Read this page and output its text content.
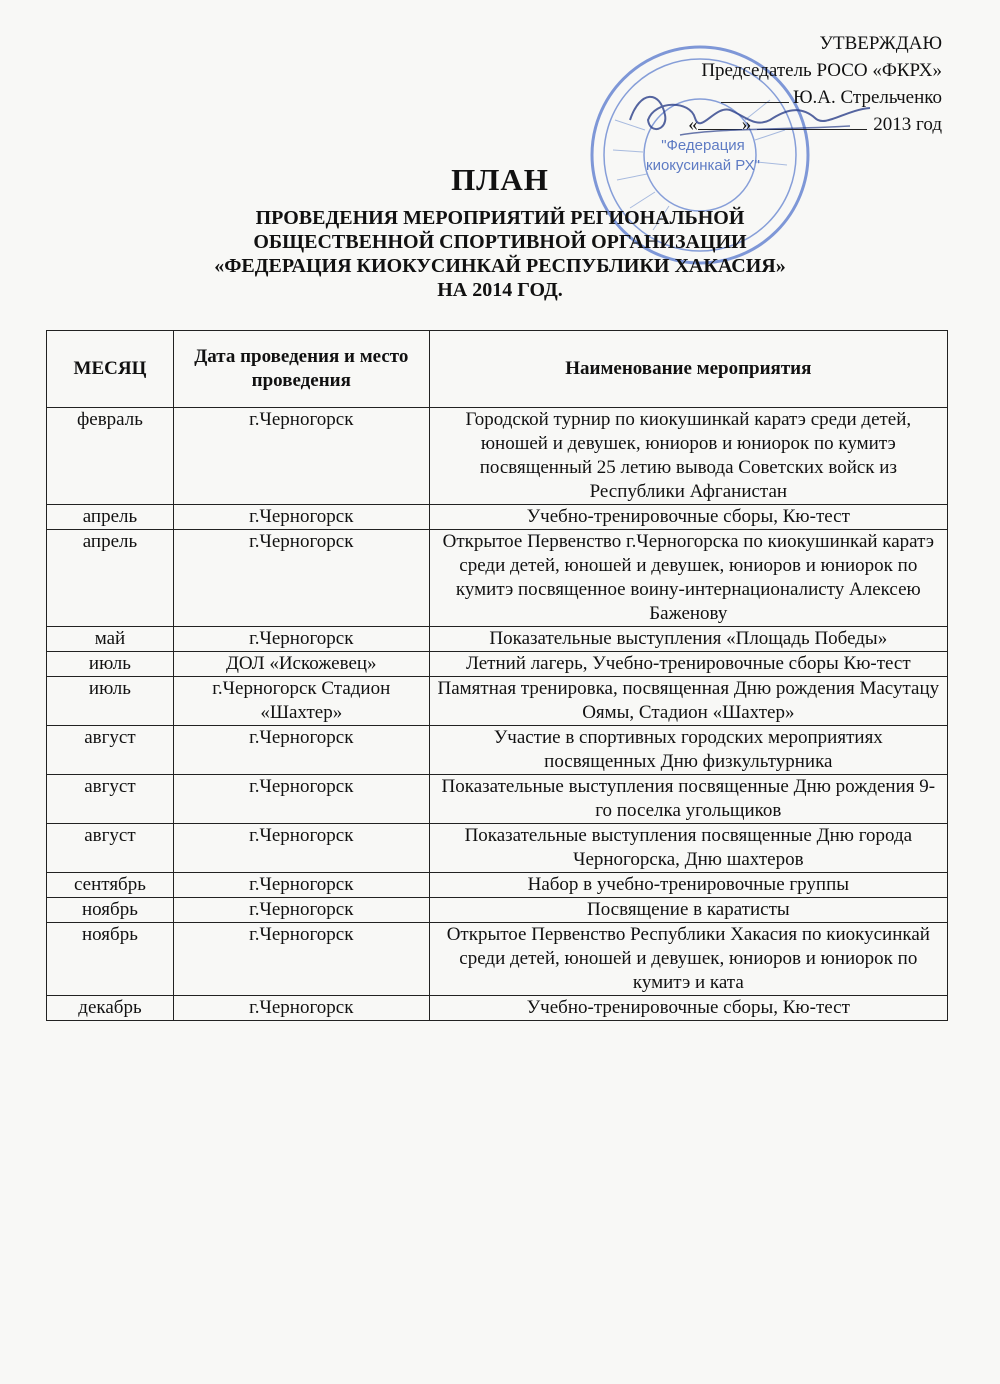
"Федерация
киокусинкай РХ"
УТВЕРЖДАЮ
Председатель РОСО «ФКРХ»
Ю.А. Стрельченко
« »	2013 год
ПЛАН
ПРОВЕДЕНИЯ МЕРОПРИЯТИЙ РЕГИОНАЛЬНОЙ
ОБЩЕСТВЕННОЙ СПОРТИВНОЙ ОРГАНИЗАЦИИ
«ФЕДЕРАЦИЯ КИОКУСИНКАЙ РЕСПУБЛИКИ ХАКАСИЯ»
НА 2014 ГОД.
МЕСЯЦ	Дата проведения и место проведения	Наименование мероприятия
февраль	г.Черногорск	Городской турнир по киокушинкай каратэ среди детей, юношей и девушек, юниоров и юниорок по кумитэ посвященный 25 летию вывода Советских войск из Республики Афганистан
апрель	г.Черногорск	Учебно-тренировочные сборы, Кю-тест
апрель	г.Черногорск	Открытое Первенство г.Черногорска по киокушинкай каратэ среди детей, юношей и девушек, юниоров и юниорок по кумитэ посвященное воину-интернационалисту Алексею Баженову
май	г.Черногорск	Показательные выступления «Площадь Победы»
июль	ДОЛ «Искожевец»	Летний лагерь, Учебно-тренировочные сборы Кю-тест
июль	г.Черногорск Стадион «Шахтер»	Памятная тренировка, посвященная Дню рождения Масутацу Оямы, Стадион «Шахтер»
август	г.Черногорск	Участие в спортивных городских мероприятиях посвященных Дню физкультурника
август	г.Черногорск	Показательные выступления посвященные Дню рождения 9-го поселка угольщиков
август	г.Черногорск	Показательные выступления посвященные Дню города Черногорска, Дню шахтеров
сентябрь	г.Черногорск	Набор в учебно-тренировочные группы
ноябрь	г.Черногорск	Посвящение в каратисты
ноябрь	г.Черногорск	Открытое Первенство Республики Хакасия по киокусинкай среди детей, юношей и девушек, юниоров и юниорок по кумитэ и ката
декабрь	г.Черногорск	Учебно-тренировочные сборы, Кю-тест
